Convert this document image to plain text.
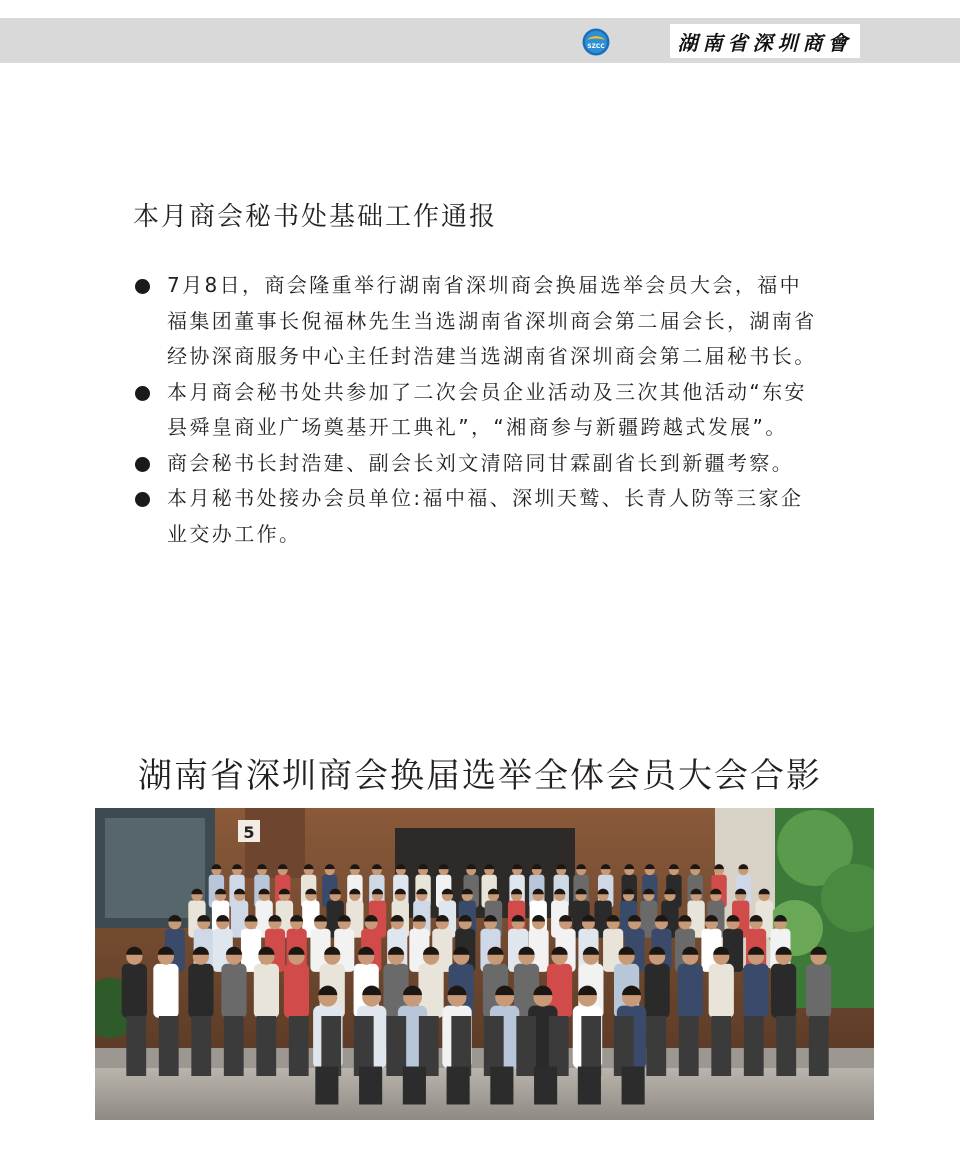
SZCC	湖南省深圳商會
本月商会秘书处基础工作通报
7月8日，商会隆重举行湖南省深圳商会换届选举会员大会，福中福集团董事长倪福林先生当选湖南省深圳商会第二届会长，湖南省经协深商服务中心主任封浩建当选湖南省深圳商会第二届秘书长。
本月商会秘书处共参加了二次会员企业活动及三次其他活动“东安县舜皇商业广场奠基开工典礼”，“湘商参与新疆跨越式发展”。
商会秘书长封浩建、副会长刘文清陪同甘霖副省长到新疆考察。
本月秘书处接办会员单位:福中福、深圳天鹫、长青人防等三家企业交办工作。
湖南省深圳商会换届选举全体会员大会合影
5
